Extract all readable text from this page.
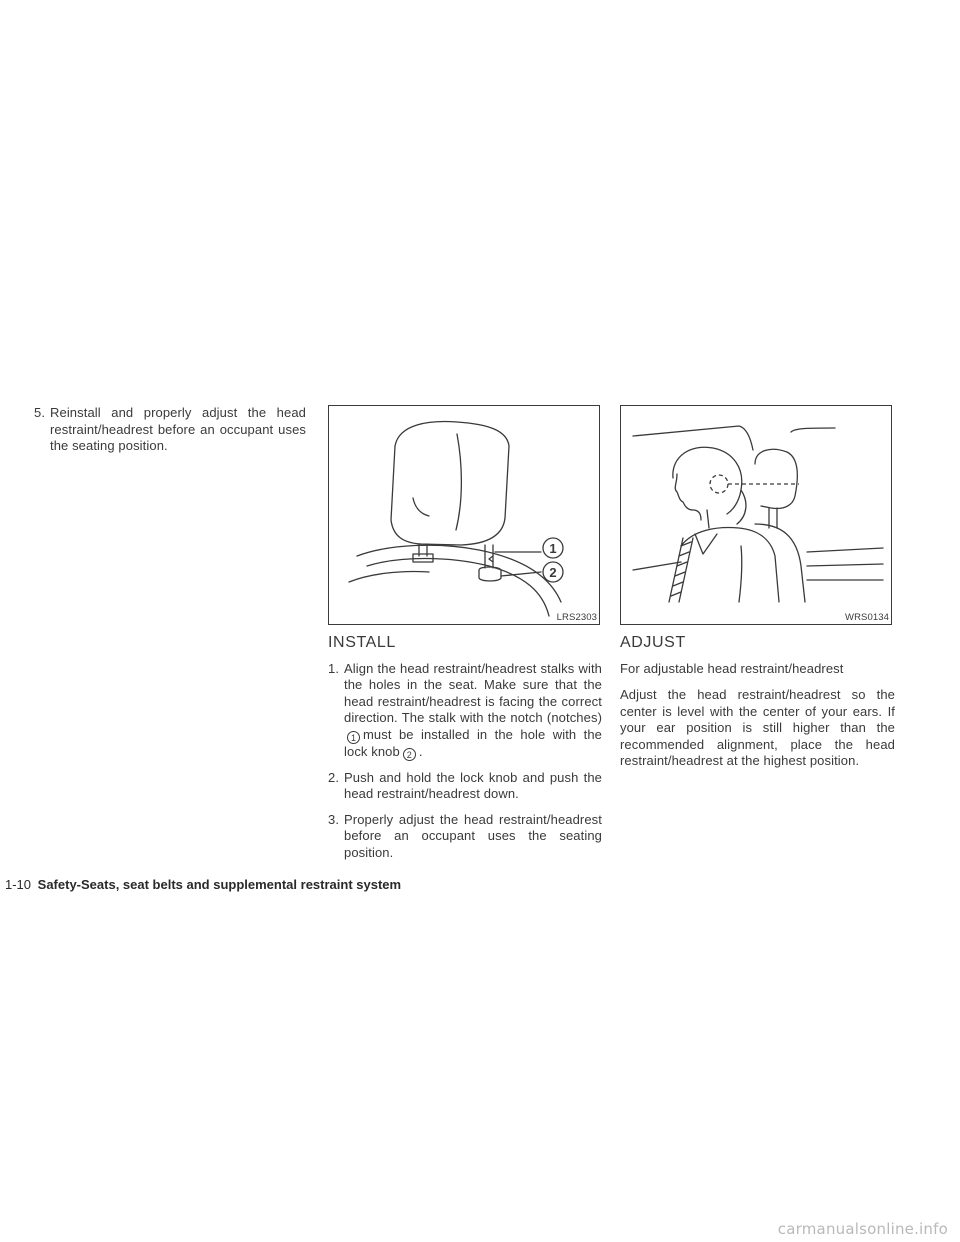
5. Reinstall and properly adjust the head restraint/headrest before an occupant uses the seating position.
1
2
LRS2303
INSTALL
1. Align the head restraint/headrest stalks with the holes in the seat. Make sure that the head restraint/headrest is facing the correct direction. The stalk with the notch (notches)1 must be installed in the hole with the lock knob 2 .
2. Push and hold the lock knob and push the head restraint/headrest down.
3. Properly adjust the head restraint/headrest before an occupant uses the seating position.
WRS0134
ADJUST
For adjustable head restraint/headrest
Adjust the head restraint/headrest so the center is level with the center of your ears. If your ear position is still higher than the recommended alignment, place the head restraint/headrest at the highest position.
1-10 Safety-Seats, seat belts and supplemental restraint system
carmanualsonline.info
